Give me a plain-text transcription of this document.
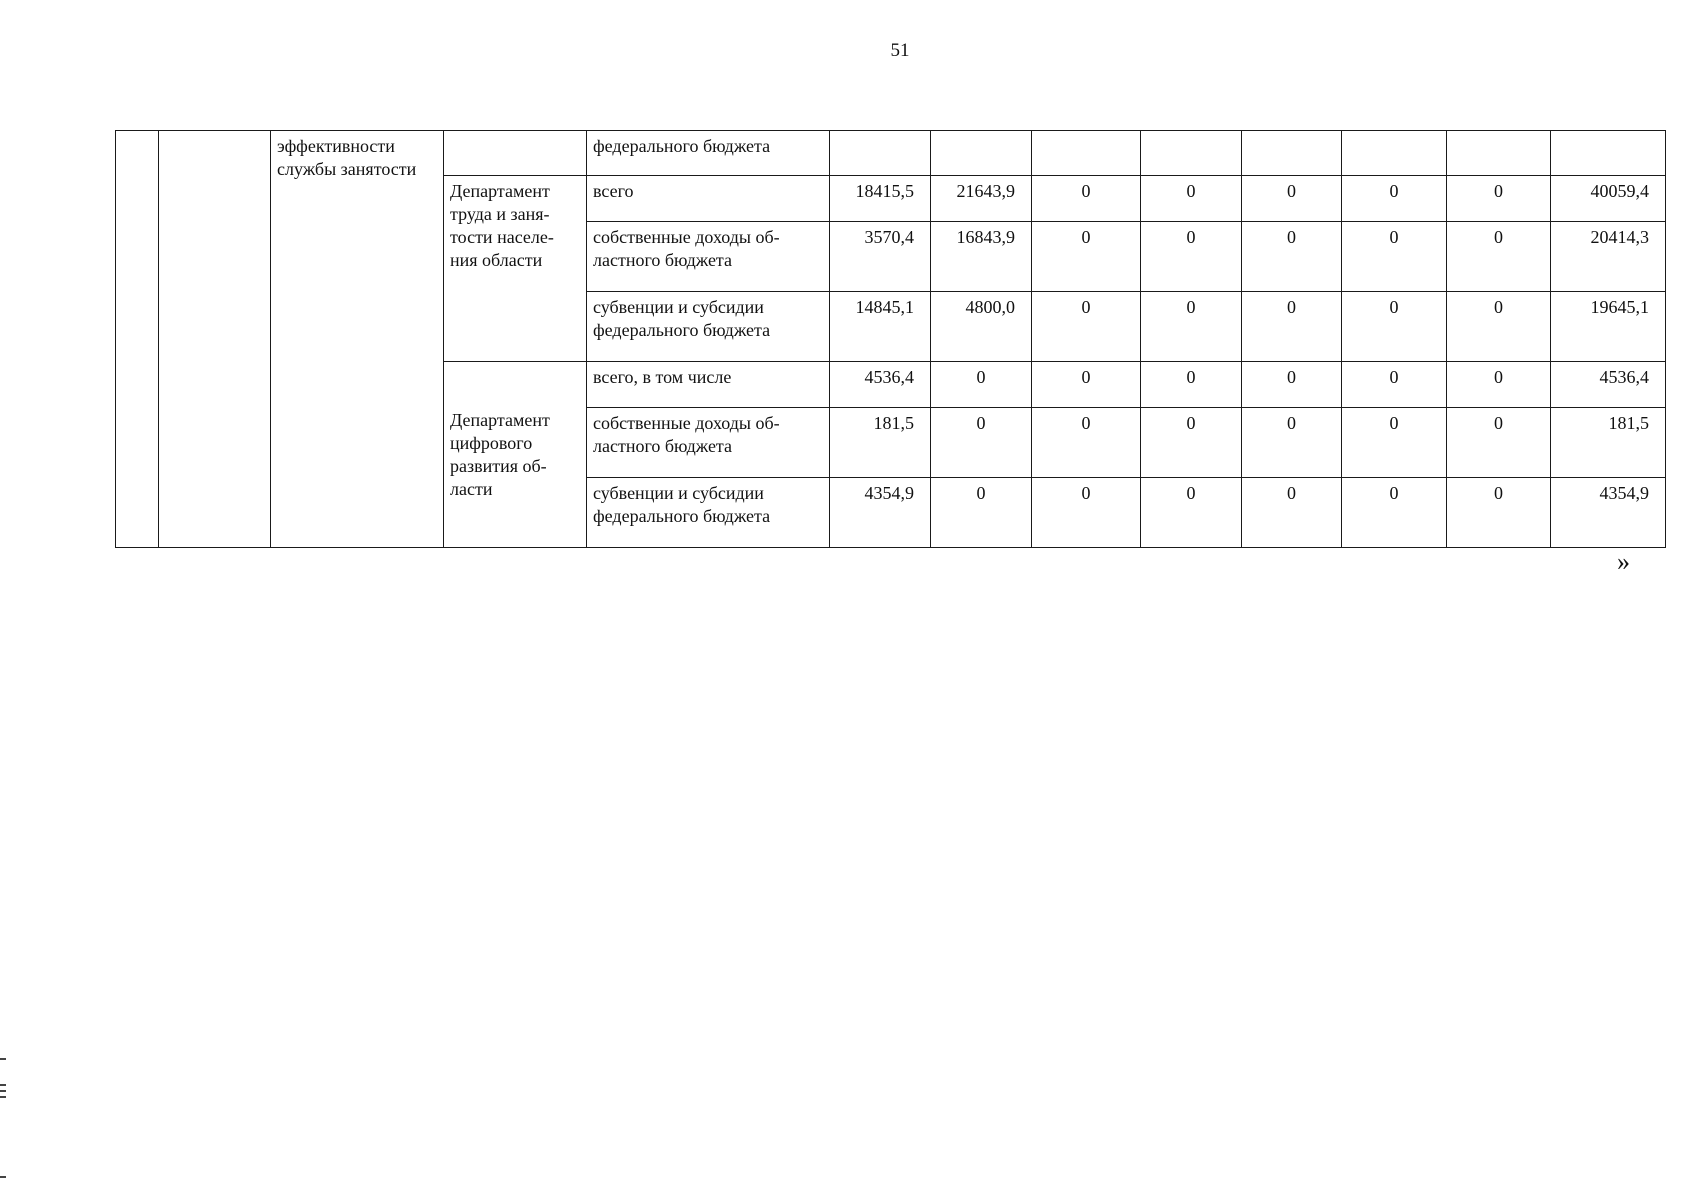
51
		эффективности службы занятости		федерального бюджета								
			Департамент труда и заня-тости населе-ния области	всего	18415,5	21643,9	0	0	0	0	0	40059,4
				собственные доходы об-ластного бюджета	3570,4	16843,9	0	0	0	0	0	20414,3
				субвенции и субсидии федерального бюджета	14845,1	4800,0	0	0	0	0	0	19645,1
			Департамент цифрового развития об-ласти	всего, в том числе	4536,4	0	0	0	0	0	0	4536,4
				собственные доходы об-ластного бюджета	181,5	0	0	0	0	0	0	181,5
				субвенции и субсидии федерального бюджета	4354,9	0	0	0	0	0	0	4354,9
»
